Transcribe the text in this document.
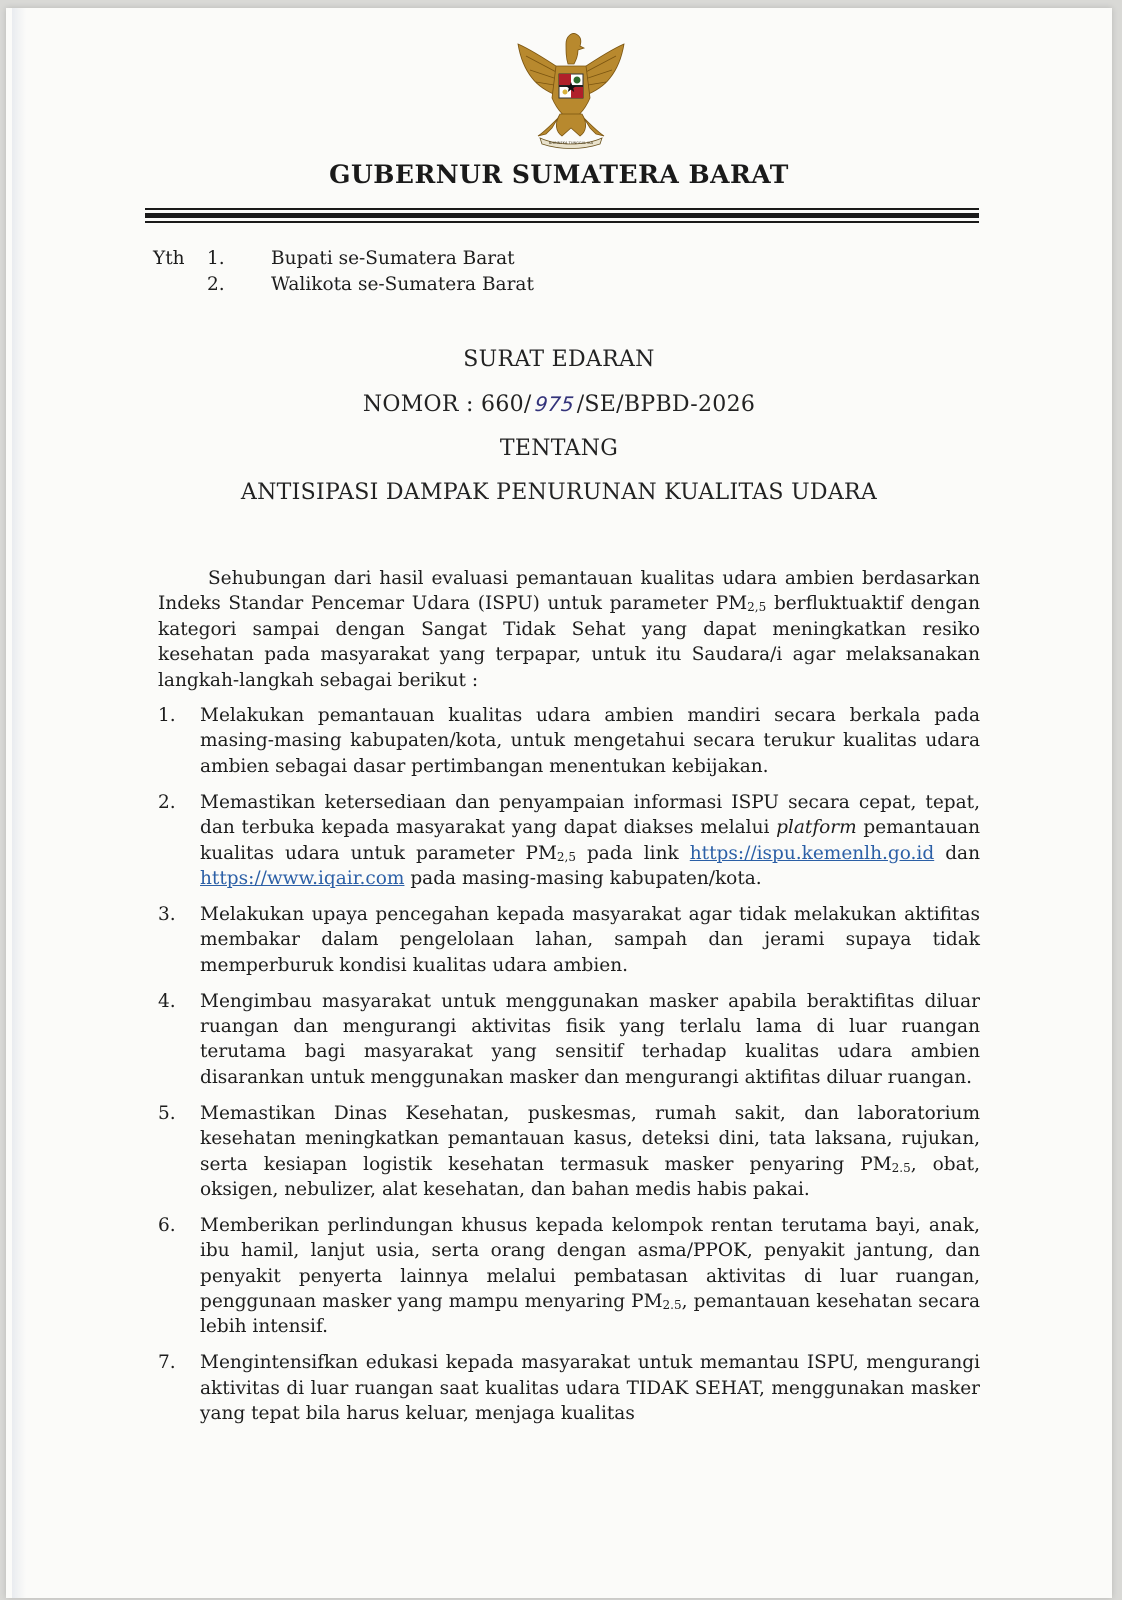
BHINNEKA TUNGGAL IKA
GUBERNUR SUMATERA BARAT
Yth 1.	Bupati se-Sumatera Barat
2.	Walikota se-Sumatera Barat
SURAT EDARAN
NOMOR : 660/975/SE/BPBD-2026
TENTANG
ANTISIPASI DAMPAK PENURUNAN KUALITAS UDARA

Sehubungan dari hasil evaluasi pemantauan kualitas udara ambien berdasarkan Indeks Standar Pencemar Udara (ISPU) untuk parameter $PM_{2,5}$ berfluktuaktif dengan kategori sampai dengan Sangat Tidak Sehat yang dapat meningkatkan resiko kesehatan pada masyarakat yang terpapar, untuk itu Saudara/i agar melaksanakan langkah-langkah sebagai berikut :

1. Melakukan pemantauan kualitas udara ambien mandiri secara berkala pada masing-masing kabupaten/kota, untuk mengetahui secara terukur kualitas udara ambien sebagai dasar pertimbangan menentukan kebijakan.
2. Memastikan ketersediaan dan penyampaian informasi ISPU secara cepat, tepat, dan terbuka kepada masyarakat yang dapat diakses melalui platform pemantauan kualitas udara untuk parameter $PM_{2,5}$ pada link https://ispu.kemenlh.go.id dan https://www.iqair.com pada masing-masing kabupaten/kota.
3. Melakukan upaya pencegahan kepada masyarakat agar tidak melakukan aktifitas membakar dalam pengelolaan lahan, sampah dan jerami supaya tidak memperburuk kondisi kualitas udara ambien.
4. Mengimbau masyarakat untuk menggunakan masker apabila beraktifitas diluar ruangan dan mengurangi aktivitas fisik yang terlalu lama di luar ruangan terutama bagi masyarakat yang sensitif terhadap kualitas udara ambien disarankan untuk menggunakan masker dan mengurangi aktifitas diluar ruangan.
5. Memastikan Dinas Kesehatan, puskesmas, rumah sakit, dan laboratorium kesehatan meningkatkan pemantauan kasus, deteksi dini, tata laksana, rujukan, serta kesiapan logistik kesehatan termasuk masker penyaring $PM_{2.5}$, obat, oksigen, nebulizer, alat kesehatan, dan bahan medis habis pakai.
6. Memberikan perlindungan khusus kepada kelompok rentan terutama bayi, anak, ibu hamil, lanjut usia, serta orang dengan asma/PPOK, penyakit jantung, dan penyakit penyerta lainnya melalui pembatasan aktivitas di luar ruangan, penggunaan masker yang mampu menyaring $PM_{2.5}$, pemantauan kesehatan secara lebih intensif.
7. Mengintensifkan edukasi kepada masyarakat untuk memantau ISPU, mengurangi aktivitas di luar ruangan saat kualitas udara TIDAK SEHAT, menggunakan masker yang tepat bila harus keluar, menjaga kualitas
